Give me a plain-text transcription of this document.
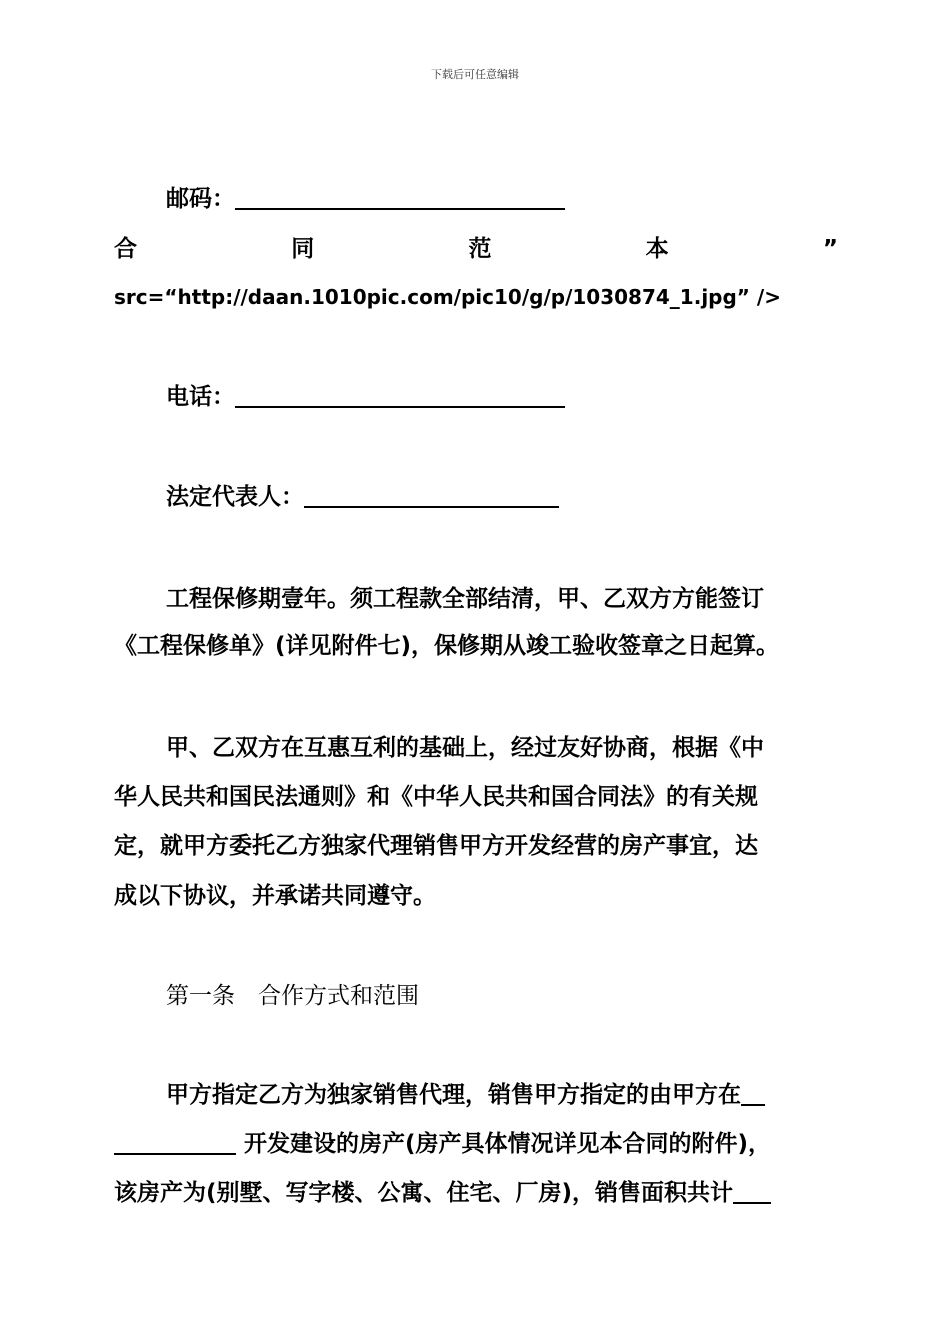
下载后可任意编辑
邮码：
合	同	范	本	”
src=“http://daan.1010pic.com/pic10/g/p/1030874_1.jpg” />
电话：
法定代表人：
工程保修期壹年。须工程款全部结清，甲、乙双方方能签订
《工程保修单》(详见附件七)，保修期从竣工验收签章之日起算。
甲、乙双方在互惠互利的基础上，经过友好协商，根据《中
华人民共和国民法通则》和《中华人民共和国合同法》的有关规
定，就甲方委托乙方独家代理销售甲方开发经营的房产事宜，达
成以下协议，并承诺共同遵守。
第一条　合作方式和范围
甲方指定乙方为独家销售代理，销售甲方指定的由甲方在
开发建设的房产(房产具体情况详见本合同的附件)，
该房产为(别墅、写字楼、公寓、住宅、厂房)，销售面积共计
